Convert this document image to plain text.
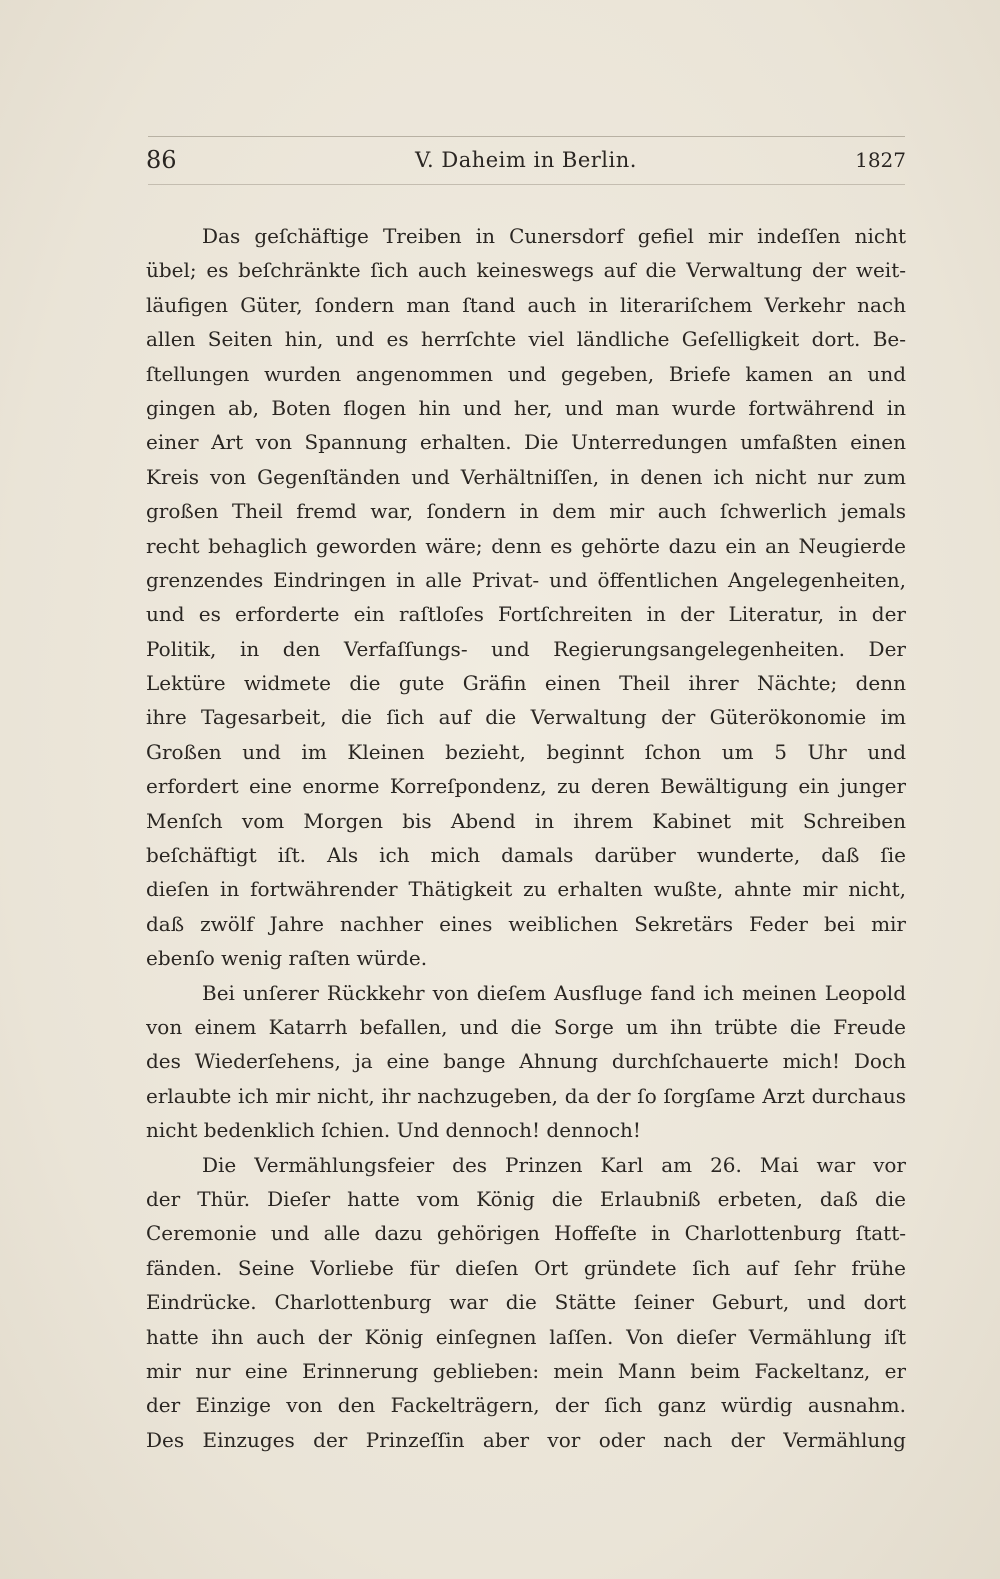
86	V. Daheim in Berlin.	1827
Das geſchäftige Treiben in Cunersdorf gefiel mir indeſſen nicht
übel; es beſchränkte ſich auch keineswegs auf die Verwaltung der weit-
läufigen Güter, ſondern man ſtand auch in literariſchem Verkehr nach
allen Seiten hin, und es herrſchte viel ländliche Geſelligkeit dort. Be-
ſtellungen wurden angenommen und gegeben, Briefe kamen an und
gingen ab, Boten flogen hin und her, und man wurde fortwährend in
einer Art von Spannung erhalten. Die Unterredungen umfaßten einen
Kreis von Gegenſtänden und Verhältniſſen, in denen ich nicht nur zum
großen Theil fremd war, ſondern in dem mir auch ſchwerlich jemals
recht behaglich geworden wäre; denn es gehörte dazu ein an Neugierde
grenzendes Eindringen in alle Privat- und öffentlichen Angelegenheiten,
und es erforderte ein raſtloſes Fortſchreiten in der Literatur, in der
Politik, in den Verfaſſungs- und Regierungsangelegenheiten. Der
Lektüre widmete die gute Gräfin einen Theil ihrer Nächte; denn
ihre Tagesarbeit, die ſich auf die Verwaltung der Güterökonomie im
Großen und im Kleinen bezieht, beginnt ſchon um 5 Uhr und
erfordert eine enorme Korreſpondenz, zu deren Bewältigung ein junger
Menſch vom Morgen bis Abend in ihrem Kabinet mit Schreiben
beſchäftigt iſt. Als ich mich damals darüber wunderte, daß ſie
dieſen in fortwährender Thätigkeit zu erhalten wußte, ahnte mir nicht,
daß zwölf Jahre nachher eines weiblichen Sekretärs Feder bei mir
ebenſo wenig raſten würde.
Bei unſerer Rückkehr von dieſem Ausfluge fand ich meinen Leopold
von einem Katarrh befallen, und die Sorge um ihn trübte die Freude
des Wiederſehens, ja eine bange Ahnung durchſchauerte mich! Doch
erlaubte ich mir nicht, ihr nachzugeben, da der ſo ſorgſame Arzt durchaus
nicht bedenklich ſchien. Und dennoch! dennoch!
Die Vermählungsfeier des Prinzen Karl am 26. Mai war vor
der Thür. Dieſer hatte vom König die Erlaubniß erbeten, daß die
Ceremonie und alle dazu gehörigen Hoffeſte in Charlottenburg ſtatt-
fänden. Seine Vorliebe für dieſen Ort gründete ſich auf ſehr frühe
Eindrücke. Charlottenburg war die Stätte ſeiner Geburt, und dort
hatte ihn auch der König einſegnen laſſen. Von dieſer Vermählung iſt
mir nur eine Erinnerung geblieben: mein Mann beim Fackeltanz, er
der Einzige von den Fackelträgern, der ſich ganz würdig ausnahm.
Des Einzuges der Prinzeſſin aber vor oder nach der Vermählung
